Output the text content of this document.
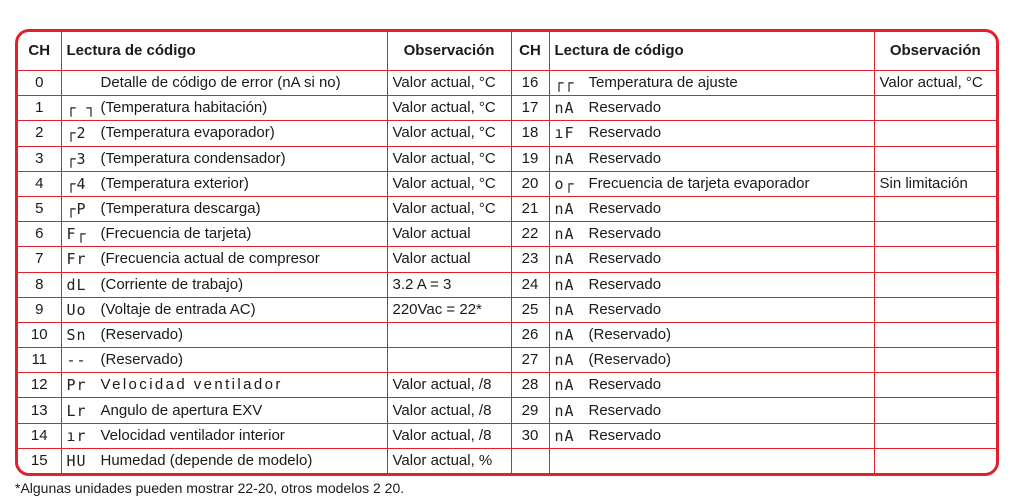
CH	Lectura de código	Observación	CH	Lectura de código	Observación
0	Detalle de código de error (nA si no)	Valor actual, °C	16	┌┌ Temperatura de ajuste	Valor actual, °C
1	┌ ┐ (Temperatura habitación)	Valor actual, °C	17	nA Reservado	
2	┌2 (Temperatura evaporador)	Valor actual, °C	18	ıF Reservado	
3	┌3 (Temperatura condensador)	Valor actual, °C	19	nA Reservado	
4	┌4 (Temperatura exterior)	Valor actual, °C	20	o┌ Frecuencia de tarjeta evaporador	Sin limitación
5	┌P (Temperatura descarga)	Valor actual, °C	21	nA Reservado	
6	F┌ (Frecuencia de tarjeta)	Valor actual	22	nA Reservado	
7	Fr (Frecuencia actual de compresor	Valor actual	23	nA Reservado	
8	dL (Corriente de trabajo)	3.2 A = 3	24	nA Reservado	
9	Uo (Voltaje de entrada AC)	220Vac = 22*	25	nA Reservado	
10	Sn (Reservado)		26	nA (Reservado)	
11	-- (Reservado)		27	nA (Reservado)	
12	Pr Velocidad ventilador	Valor actual, /8	28	nA Reservado	
13	Lr Angulo de apertura EXV	Valor actual, /8	29	nA Reservado	
14	ır Velocidad ventilador interior	Valor actual, /8	30	nA Reservado	
15	HU Humedad (depende de modelo)	Valor actual, %			
*Algunas unidades pueden mostrar 22-20, otros modelos 2 20.
